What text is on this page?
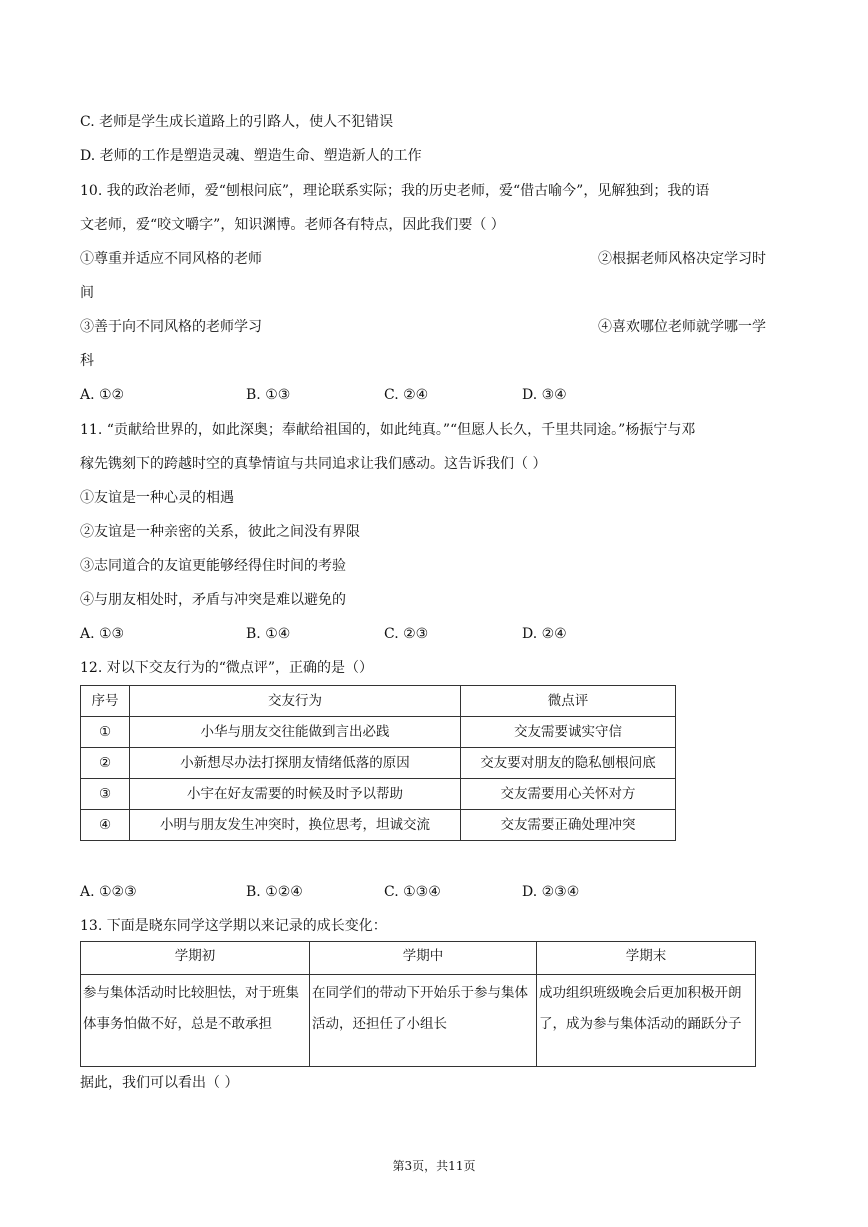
C. 老师是学生成长道路上的引路人，使人不犯错误
D. 老师的工作是塑造灵魂、塑造生命、塑造新人的工作
10. 我的政治老师，爱“刨根问底”，理论联系实际；我的历史老师，爱“借古喻今”，见解独到；我的语
文老师，爱“咬文嚼字”，知识渊博。老师各有特点，因此我们要（ ）
①尊重并适应不同风格的老师	②根据老师风格决定学习时
间
③善于向不同风格的老师学习	④喜欢哪位老师就学哪一学
科
A. ①②	B. ①③	C. ②④	D. ③④
11. “贡献给世界的，如此深奥；奉献给祖国的，如此纯真。”“但愿人长久，千里共同途。”杨振宁与邓
稼先镌刻下的跨越时空的真挚情谊与共同追求让我们感动。这告诉我们（ ）
①友谊是一种心灵的相遇
②友谊是一种亲密的关系，彼此之间没有界限
③志同道合的友谊更能够经得住时间的考验
④与朋友相处时，矛盾与冲突是难以避免的
A. ①③	B. ①④	C. ②③	D. ②④
12. 对以下交友行为的“微点评”，正确的是（）
序号	交友行为	微点评
①	小华与朋友交往能做到言出必践	交友需要诚实守信
②	小新想尽办法打探朋友情绪低落的原因	交友要对朋友的隐私刨根问底
③	小宇在好友需要的时候及时予以帮助	交友需要用心关怀对方
④	小明与朋友发生冲突时，换位思考，坦诚交流	交友需要正确处理冲突
A. ①②③	B. ①②④	C. ①③④	D. ②③④
13. 下面是晓东同学这学期以来记录的成长变化：
学期初	学期中	学期末
参与集体活动时比较胆怯，对于班集体事务怕做不好，总是不敢承担	在同学们的带动下开始乐于参与集体活动，还担任了小组长	成功组织班级晚会后更加积极开朗了，成为参与集体活动的踊跃分子
据此，我们可以看出（ ）
第3页，共11页
